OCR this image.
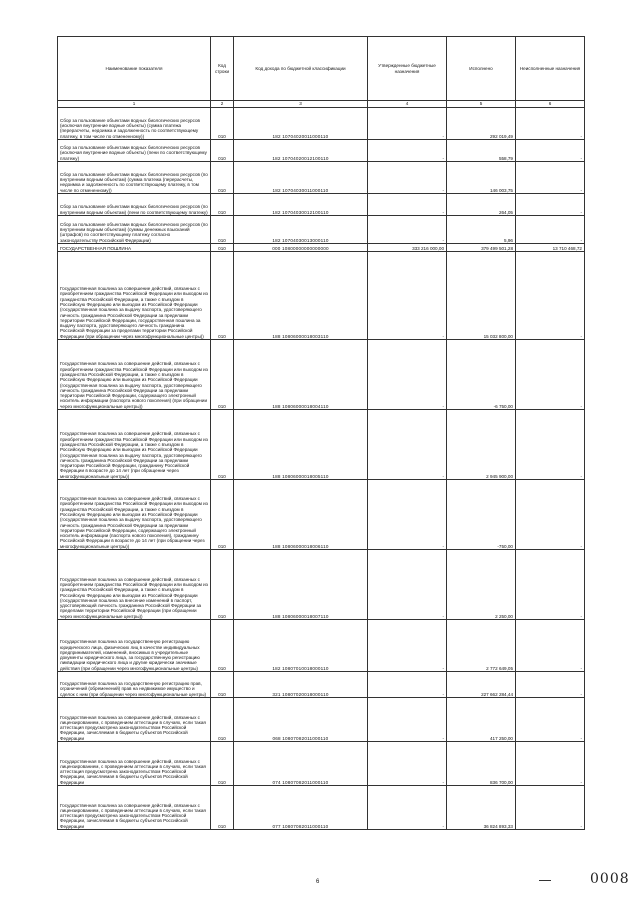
Наименование показателя	Код строки	Код дохода по бюджетной классификации	Утвержденные бюджетные назначения	Исполнено	Неисполненные назначения
1	2	3	4	5	6
Сбор за пользование объектами водных биологических ресурсов (исключая внутренние водные объекты) (сумма платежа (перерасчеты, недоимка и задолженность по соответствующему платежу, в том числе по отмененному))	010	182 10704020011000110	-	292 019,49	-
Сбор за пользование объектами водных биологических ресурсов (исключая внутренние водные объекты) (пени по соответствующему платежу)	010	182 10704020012100110	-	558,79	-
Сбор за пользование объектами водных биологических ресурсов (по внутренним водным объектам) (сумма платежа (перерасчеты, недоимка и задолженность по соответствующему платежу, в том числе по отмененному))	010	182 10704030011000110	-	146 003,75	-
Сбор за пользование объектами водных биологических ресурсов (по внутренним водным объектам) (пени по соответствующему платежу)	010	182 10704030012100110	-	264,05	-
Сбор за пользование объектами водных биологических ресурсов (по внутренним водным объектам) (суммы денежных взысканий (штрафов) по соответствующему платежу согласно законодательству Российской Федерации)	010	182 10704030013000110	-	5,96	-
ГОСУДАРСТВЕННАЯ ПОШЛИНА	010	000 10800000000000000	333 216 000,00	379 499 501,28	13 710 468,72
Государственная пошлина за совершение действий, связанных с приобретением гражданства Российской Федерации или выходом из гражданства Российской Федерации, а также с въездом в Российскую Федерацию или выездом из Российской Федерации (государственная пошлина за выдачу паспорта, удостоверяющего личность гражданина Российской Федерации за пределами территории Российской Федерации, государственная пошлина за выдачу паспорта, удостоверяющего личность гражданина Российской Федерации за пределами территории Российской Федерации (при обращении через многофункциональные центры))	010	188 10806000018003110	-	15 032 800,00	-
Государственная пошлина за совершение действий, связанных с приобретением гражданства Российской Федерации или выходом из гражданства Российской Федерации, а также с въездом в Российскую Федерацию или выездом из Российской Федерации (государственная пошлина за выдачу паспорта, удостоверяющего личность гражданина Российской Федерации за пределами территории Российской Федерации, содержащего электронный носитель информации (паспорта нового поколения) (при обращении через многофункциональные центры))	010	188 10806000018004110	-	-6 750,00	-
Государственная пошлина за совершение действий, связанных с приобретением гражданства Российской Федерации или выходом из гражданства Российской Федерации, а также с въездом в Российскую Федерацию или выездом из Российской Федерации (государственная пошлина за выдачу паспорта, удостоверяющего личность гражданина Российской Федерации за пределами территории Российской Федерации, гражданину Российской Федерации в возрасте до 14 лет (при обращении через многофункциональные центры))	010	188 10806000018005110	-	2 945 900,00	-
Государственная пошлина за совершение действий, связанных с приобретением гражданства Российской Федерации или выходом из гражданства Российской Федерации, а также с въездом в Российскую Федерацию или выездом из Российской Федерации (государственная пошлина за выдачу паспорта, удостоверяющего личность гражданина Российской Федерации за пределами территории Российской Федерации, содержащего электронный носитель информации (паспорта нового поколения), гражданину Российской Федерации в возрасте до 14 лет (при обращении через многофункциональные центры))	010	188 10806000018006110	-	-750,00	-
Государственная пошлина за совершение действий, связанных с приобретением гражданства Российской Федерации или выходом из гражданства Российской Федерации, а также с въездом в Российскую Федерацию или выездом из Российской Федерации (государственная пошлина за внесение изменений в паспорт, удостоверяющий личность гражданина Российской Федерации за пределами территории Российской Федерации (при обращении через многофункциональные центры))	010	188 10806000018007110	-	2 250,00	-
Государственная пошлина за государственную регистрацию юридического лица, физических лиц в качестве индивидуальных предпринимателей, изменений, вносимых в учредительные документы юридического лица, за государственную регистрацию ликвидации юридического лица и другие юридически значимые действия (при обращении через многофункциональные центры)	010	182 10807010018000110	-	2 772 649,05	-
Государственная пошлина за государственную регистрацию прав, ограничений (обременений) прав на недвижимое имущество и сделок с ним (при обращении через многофункциональные центры)	010	321 10807020018000110	-	227 662 284,44	-
Государственная пошлина за совершение действий, связанных с лицензированием, с проведением аттестации в случаях, если такая аттестация предусмотрена законодательством Российской Федерации, зачисляемая в бюджеты субъектов Российской Федерации	010	068 10807082011000110	-	417 250,00	-
Государственная пошлина за совершение действий, связанных с лицензированием, с проведением аттестации в случаях, если такая аттестация предусмотрена законодательством Российской Федерации, зачисляемая в бюджеты субъектов Российской Федерации	010	074 10807082011000110	-	836 700,00	-
Государственная пошлина за совершение действий, связанных с лицензированием, с проведением аттестации в случаях, если такая аттестация предусмотрена законодательством Российской Федерации, зачисляемая в бюджеты субъектов Российской Федерации	010	077 10807082011000110	-	36 824 893,33	-
6	0008
